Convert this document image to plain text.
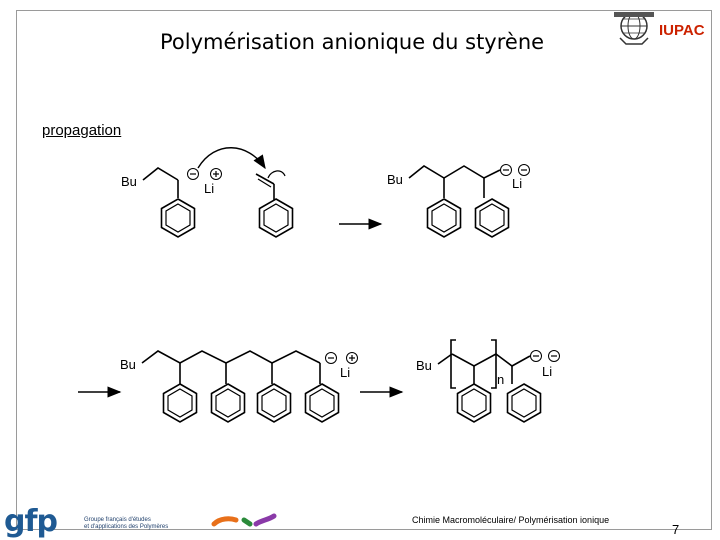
Polymérisation anionique du styrène	IUPAC
propagation
Bu	Li
Bu	Li
Bu
Li	Bu
n
Li
gfp	Groupe français d'études
et d'applications des Polymères
Chimie Macromoléculaire/ Polymérisation ionique
7
